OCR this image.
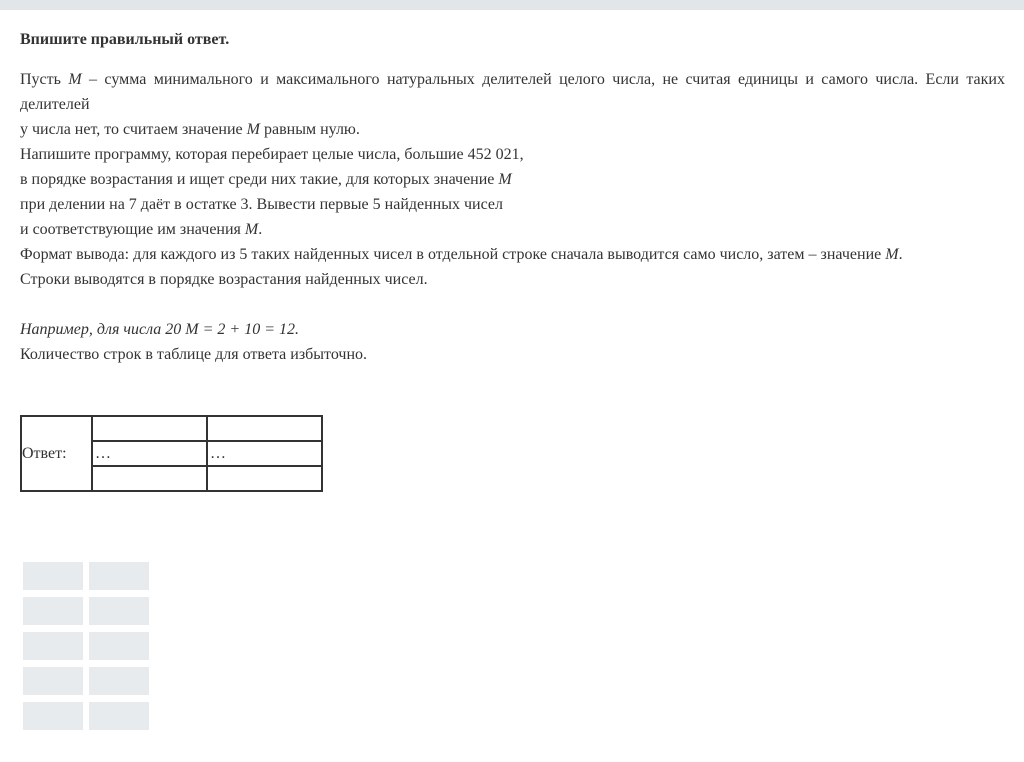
Впишите правильный ответ.

Пусть M – сумма минимального и максимального натуральных делителей целого числа, не считая единицы и самого числа. Если таких делителей

у числа нет, то считаем значение M равным нулю.

Напишите программу, которая перебирает целые числа, большие 452 021,

в порядке возрастания и ищет среди них такие, для которых значение M

при делении на 7 даёт в остатке 3. Вывести первые 5 найденных чисел

и соответствующие им значения M.

Формат вывода: для каждого из 5 таких найденных чисел в отдельной строке сначала выводится само число, затем – значение M.

Строки выводятся в порядке возрастания найденных чисел.

Например, для числа 20 М = 2 + 10 = 12.

Количество строк в таблице для ответа избыточно.

Ответ:		
	…	…
